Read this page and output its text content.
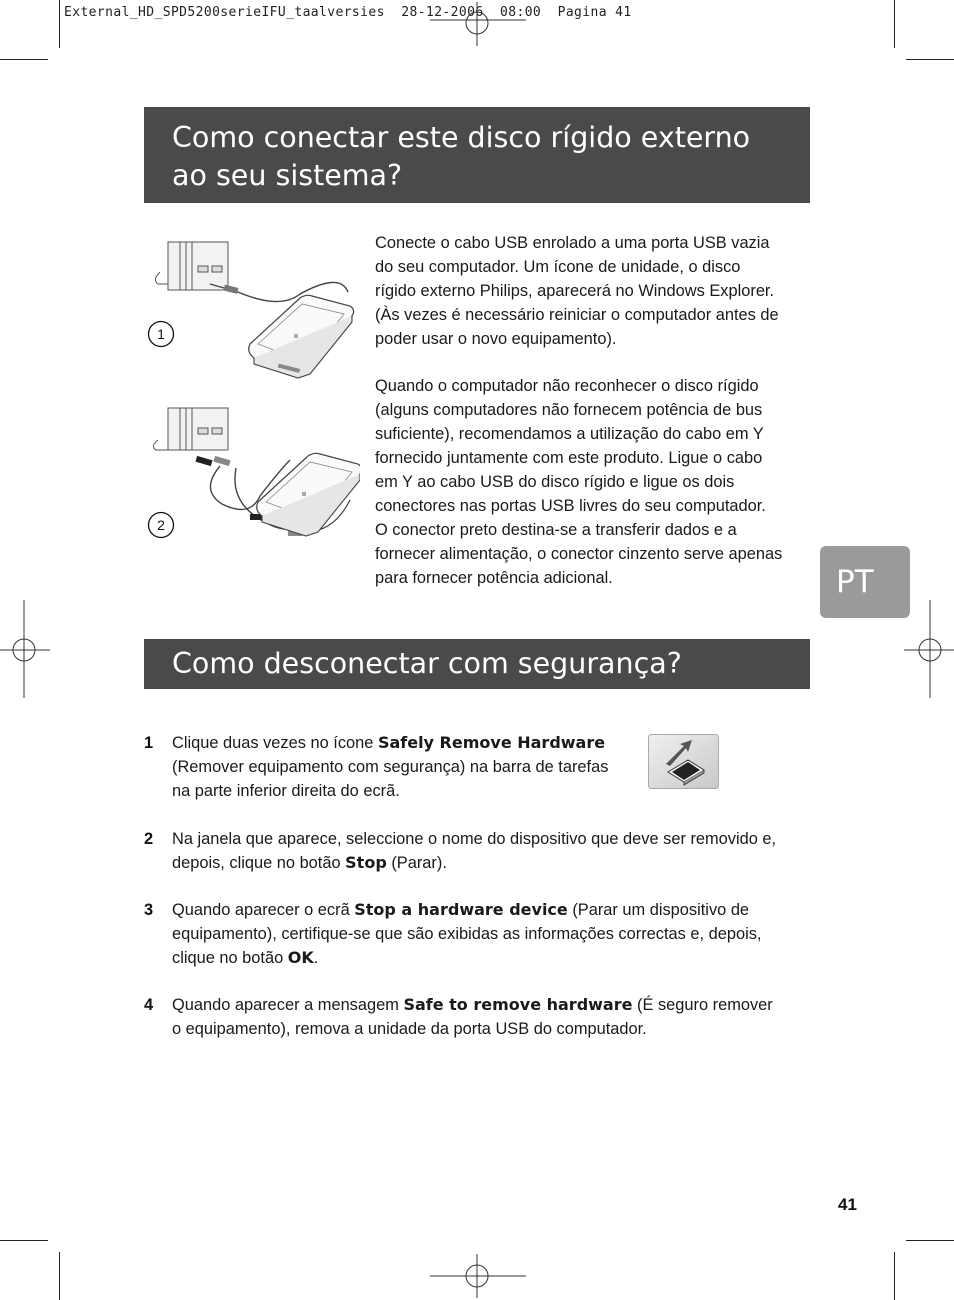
External_HD_SPD5200serieIFU_taalversies  28-12-2006  08:00  Pagina 41
Como conectar este disco rígido externo
ao seu sistema?
1
2

Conecte o cabo USB enrolado a uma porta USB vazia

do seu computador. Um ícone de unidade, o disco

rígido externo Philips, aparecerá no Windows Explorer.

(Às vezes é necessário reiniciar o computador antes de

poder usar o novo equipamento).

Quando o computador não reconhecer o disco rígido

(alguns computadores não fornecem potência de bus

suficiente), recomendamos a utilização do cabo em Y

fornecido juntamente com este produto. Ligue o cabo

em Y ao cabo USB do disco rígido e ligue os dois

conectores nas portas USB livres do seu computador.

O conector preto destina-se a transferir dados e a

fornecer alimentação, o conector cinzento serve apenas

para fornecer potência adicional.	PT
Como desconectar com segurança?
1 Clique duas vezes no ícone Safely Remove Hardware
(Remover equipamento com segurança) na barra de tarefas
na parte inferior direita do ecrã.
2 Na janela que aparece, seleccione o nome do dispositivo que deve ser removido e,
depois, clique no botão Stop (Parar).
3 Quando aparecer o ecrã Stop a hardware device (Parar um dispositivo de
equipamento), certifique-se que são exibidas as informações correctas e, depois,
clique no botão OK.
4 Quando aparecer a mensagem Safe to remove hardware (É seguro remover
o equipamento), remova a unidade da porta USB do computador.
41
